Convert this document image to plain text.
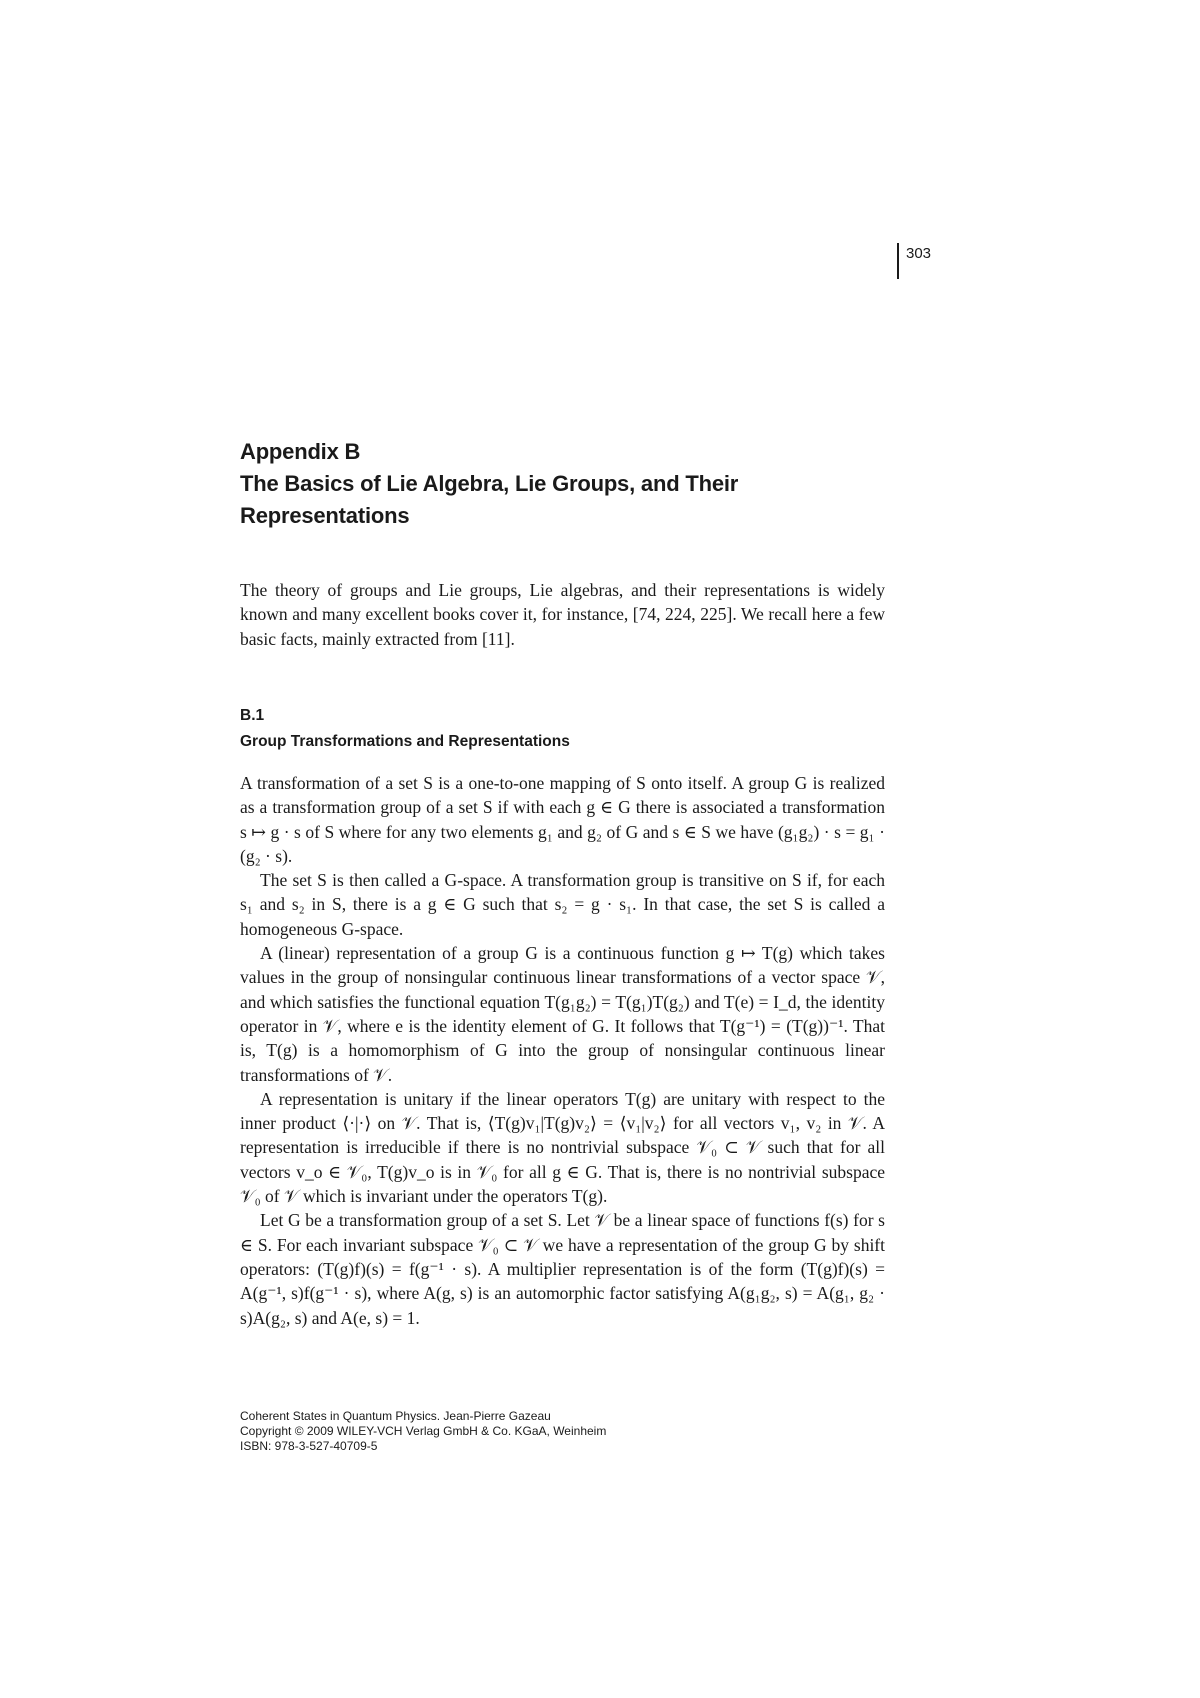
303
Appendix B
The Basics of Lie Algebra, Lie Groups, and Their
Representations

The theory of groups and Lie groups, Lie algebras, and their representations is widely known and many excellent books cover it, for instance, [74, 224, 225]. We recall here a few basic facts, mainly extracted from [11].

B.1
Group Transformations and Representations

A transformation of a set S is a one-to-one mapping of S onto itself. A group G is realized as a transformation group of a set S if with each g ∈ G there is associated a transformation s ↦ g · s of S where for any two elements g₁ and g₂ of G and s ∈ S we have (g₁g₂) · s = g₁ · (g₂ · s).

The set S is then called a G-space. A transformation group is transitive on S if, for each s₁ and s₂ in S, there is a g ∈ G such that s₂ = g · s₁. In that case, the set S is called a homogeneous G-space.

A (linear) representation of a group G is a continuous function g ↦ T(g) which takes values in the group of nonsingular continuous linear transformations of a vector space 𝒱, and which satisfies the functional equation T(g₁g₂) = T(g₁)T(g₂) and T(e) = I_d, the identity operator in 𝒱, where e is the identity element of G. It follows that T(g⁻¹) = (T(g))⁻¹. That is, T(g) is a homomorphism of G into the group of nonsingular continuous linear transformations of 𝒱.

A representation is unitary if the linear operators T(g) are unitary with respect to the inner product ⟨·|·⟩ on 𝒱. That is, ⟨T(g)v₁|T(g)v₂⟩ = ⟨v₁|v₂⟩ for all vectors v₁, v₂ in 𝒱. A representation is irreducible if there is no nontrivial subspace 𝒱₀ ⊂ 𝒱 such that for all vectors v_o ∈ 𝒱₀, T(g)v_o is in 𝒱₀ for all g ∈ G. That is, there is no nontrivial subspace 𝒱₀ of 𝒱 which is invariant under the operators T(g).

Let G be a transformation group of a set S. Let 𝒱 be a linear space of functions f(s) for s ∈ S. For each invariant subspace 𝒱₀ ⊂ 𝒱 we have a representation of the group G by shift operators: (T(g)f)(s) = f(g⁻¹ · s). A multiplier representation is of the form (T(g)f)(s) = A(g⁻¹, s)f(g⁻¹ · s), where A(g, s) is an automorphic factor satisfying A(g₁g₂, s) = A(g₁, g₂ · s)A(g₂, s) and A(e, s) = 1.

Coherent States in Quantum Physics. Jean-Pierre Gazeau
Copyright © 2009 WILEY-VCH Verlag GmbH & Co. KGaA, Weinheim
ISBN: 978-3-527-40709-5
